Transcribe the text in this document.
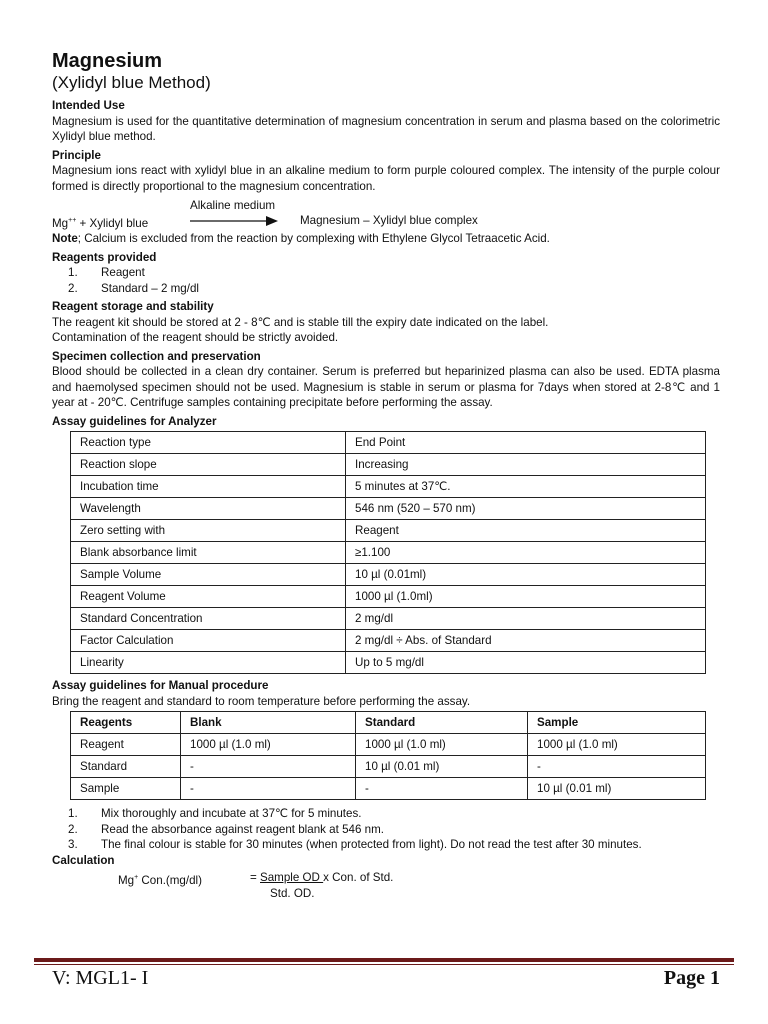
Magnesium
(Xylidyl blue Method)
Intended Use
Magnesium is used for the quantitative determination of magnesium concentration in serum and plasma based on the colorimetric Xylidyl blue method.
Principle
Magnesium ions react with xylidyl blue in an alkaline medium to form purple coloured complex. The intensity of the purple colour formed is directly proportional to the magnesium concentration.
Alkaline medium
Mg++ + Xylidyl blue	Magnesium – Xylidyl blue complex
Note; Calcium is excluded from the reaction by complexing with Ethylene Glycol Tetraacetic Acid.
Reagents provided
1.	Reagent
2.	Standard – 2 mg/dl
Reagent storage and stability
The reagent kit should be stored at 2 - 8℃ and is stable till the expiry date indicated on the label.
Contamination of the reagent should be strictly avoided.
Specimen collection and preservation
Blood should be collected in a clean dry container. Serum is preferred but heparinized plasma can also be used. EDTA plasma and haemolysed specimen should not be used. Magnesium is stable in serum or plasma for 7days when stored at 2-8℃ and 1 year at - 20℃. Centrifuge samples containing precipitate before performing the assay.
Assay guidelines for Analyzer
Reaction type	End Point
Reaction slope	Increasing
Incubation time	5 minutes at 37℃.
Wavelength	546 nm (520 – 570 nm)
Zero setting with	Reagent
Blank absorbance limit	≥1.100
Sample Volume	10 µl (0.01ml)
Reagent Volume	1000 µl (1.0ml)
Standard Concentration	2 mg/dl
Factor Calculation	2 mg/dl ÷ Abs. of Standard
Linearity	Up to 5 mg/dl
Assay guidelines for Manual procedure
Bring the reagent and standard to room temperature before performing the assay.
Reagents	Blank	Standard	Sample
Reagent	1000 µl (1.0 ml)	1000 µl (1.0 ml)	1000 µl (1.0 ml)
Standard	-	10 µl (0.01 ml)	-
Sample	-	-	10 µl (0.01 ml)
1.	Mix thoroughly and incubate at 37℃ for 5 minutes.
2.	Read the absorbance against reagent blank at 546 nm.
3.	The final colour is stable for 30 minutes (when protected from light). Do not read the test after 30 minutes.
Calculation
Mg+ Con.(mg/dl)	= Sample OD x Con. of Std.
Std. OD.
V: MGL1- I	Page 1
